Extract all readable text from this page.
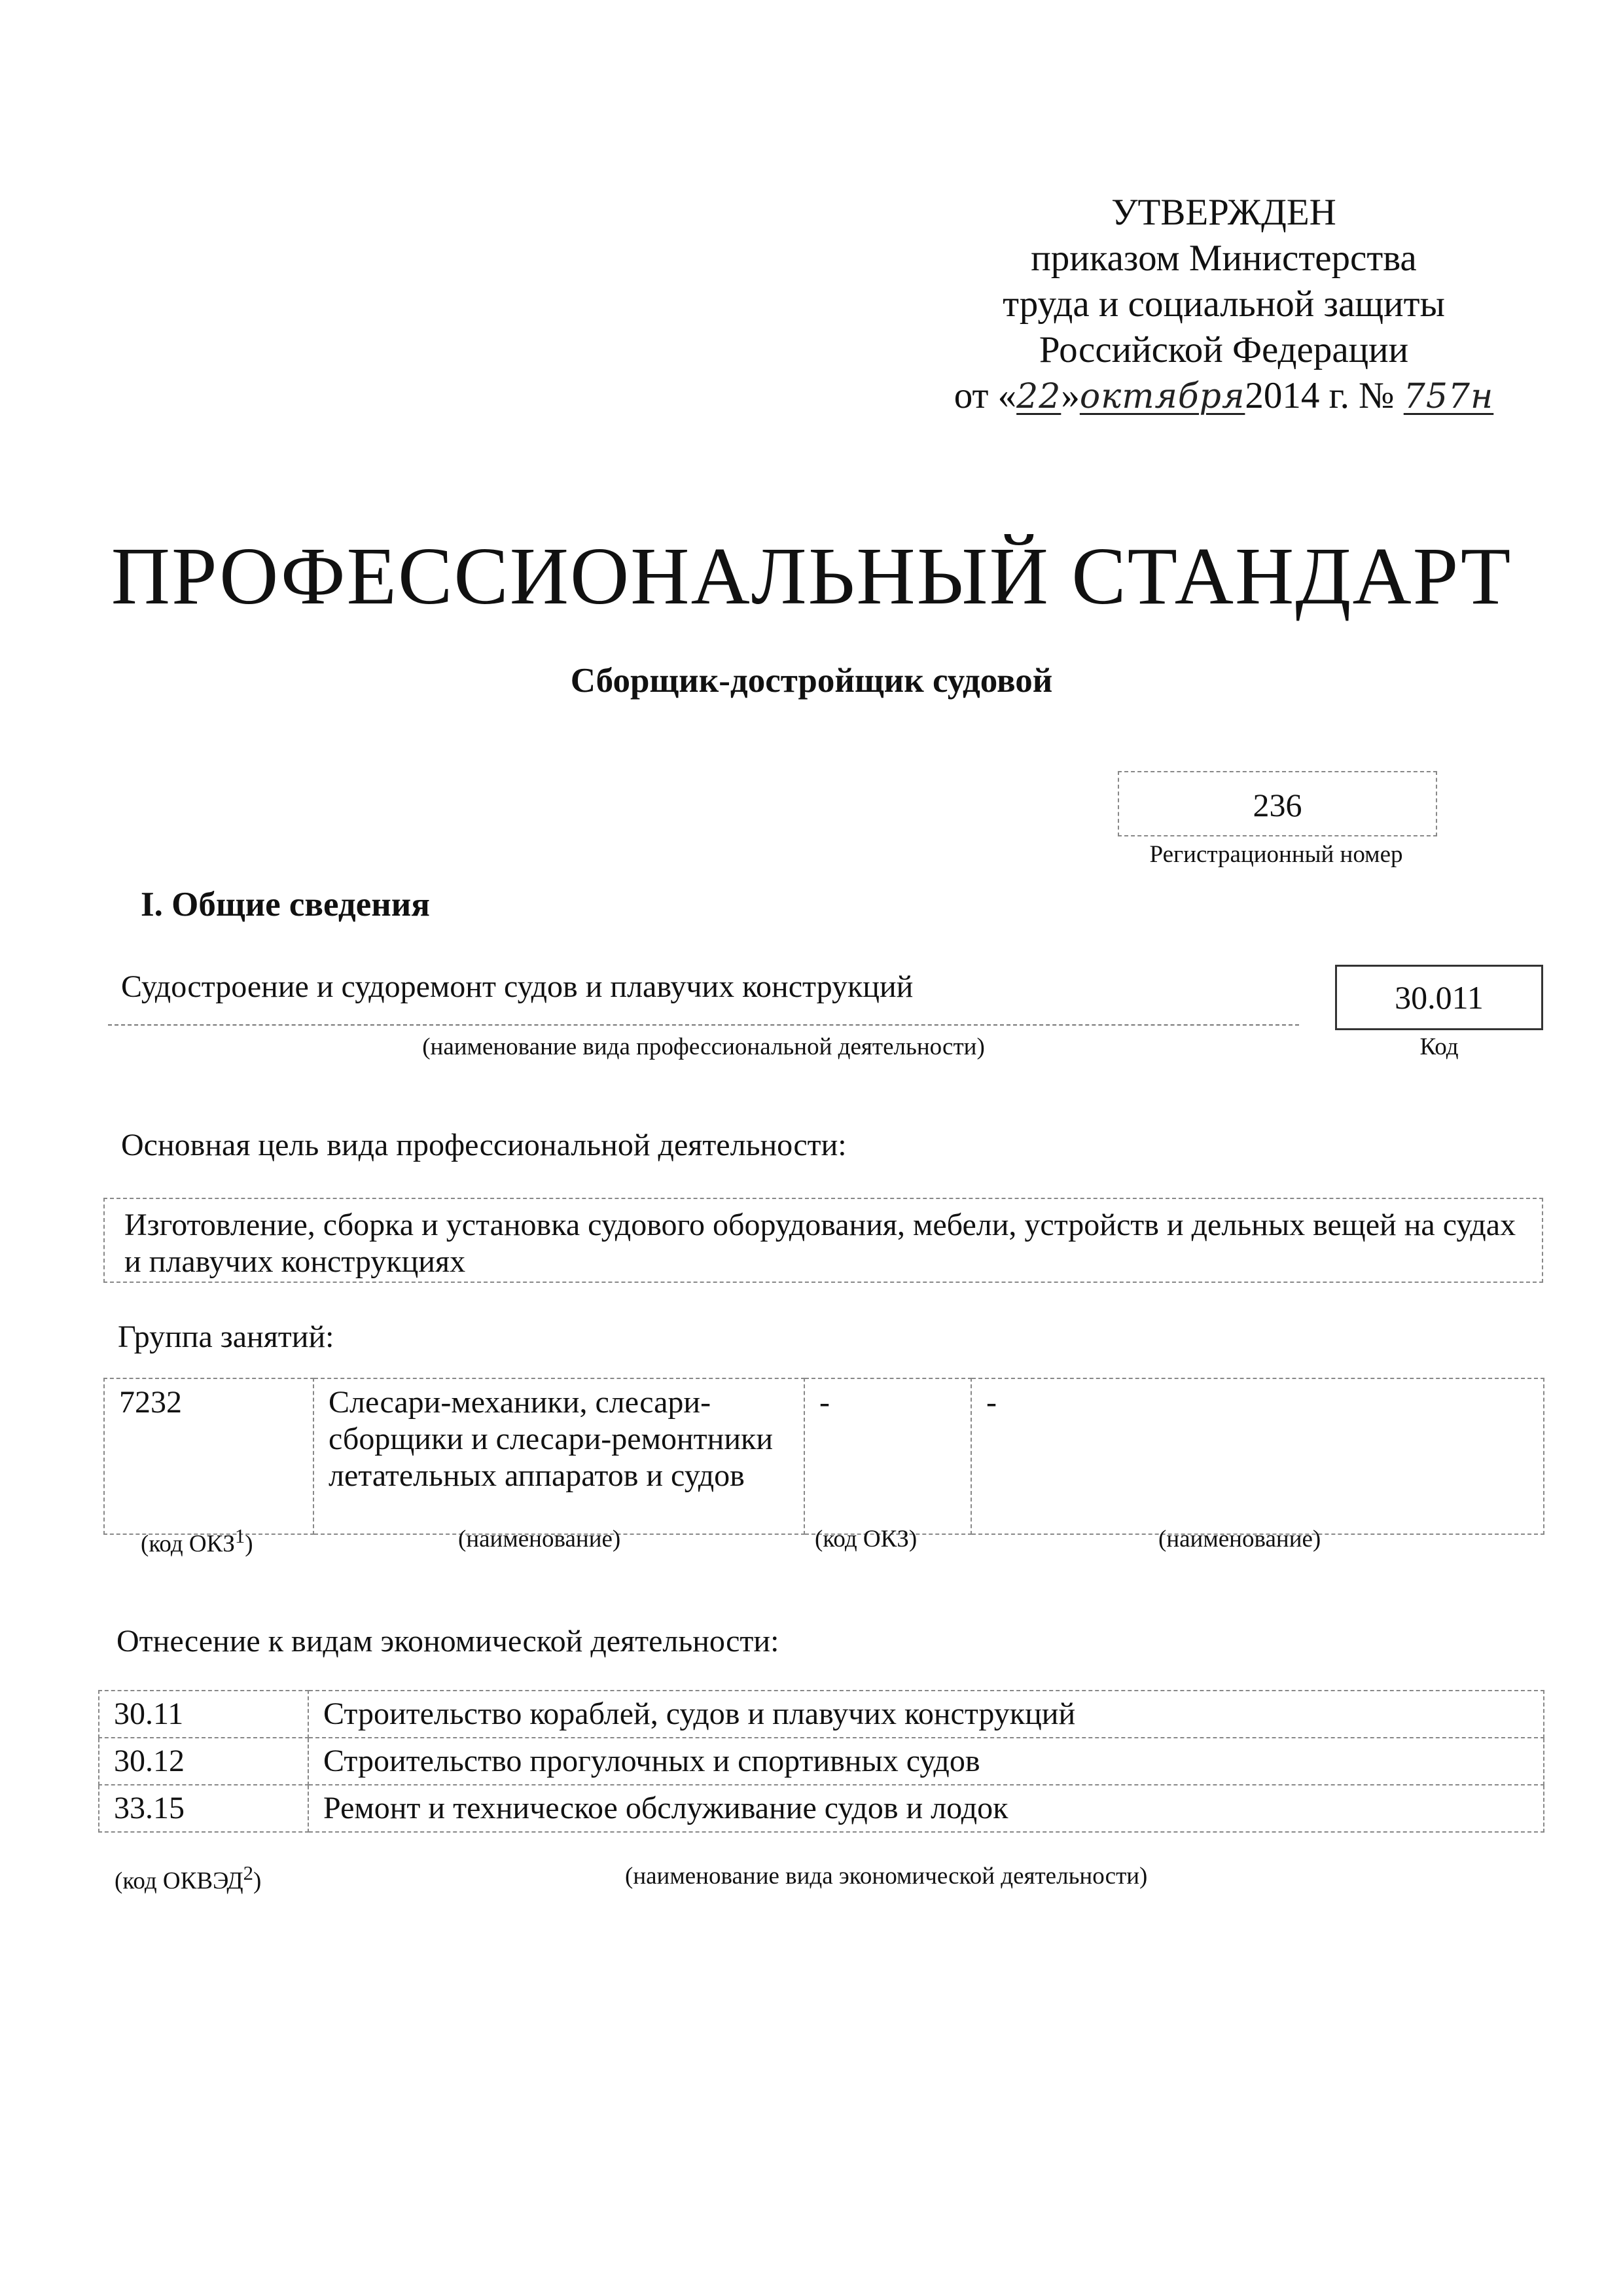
УТВЕРЖДЕН
приказом Министерства
труда и социальной защиты
Российской Федерации
от «22»октября2014 г. № 757н
ПРОФЕССИОНАЛЬНЫЙ СТАНДАРТ
Сборщик-достройщик судовой
236
Регистрационный номер
I. Общие сведения
Судостроение и судоремонт судов и плавучих конструкций
(наименование вида профессиональной деятельности)
30.011
Код
Основная цель вида профессиональной деятельности:
Изготовление, сборка и установка судового оборудования, мебели, устройств и дельных вещей на судах и плавучих конструкциях
Группа занятий:
7232	Слесари-механики, слесари-сборщики и слесари-ремонтники летательных аппаратов и судов	-	-
(код ОКЗ$^1$)	(наименование)	(код ОКЗ)	(наименование)
Отнесение к видам экономической деятельности:
30.11	Строительство кораблей, судов и плавучих конструкций
30.12	Строительство прогулочных и спортивных судов
33.15	Ремонт и техническое обслуживание судов и лодок
(код ОКВЭД$^2$)	(наименование вида экономической деятельности)
